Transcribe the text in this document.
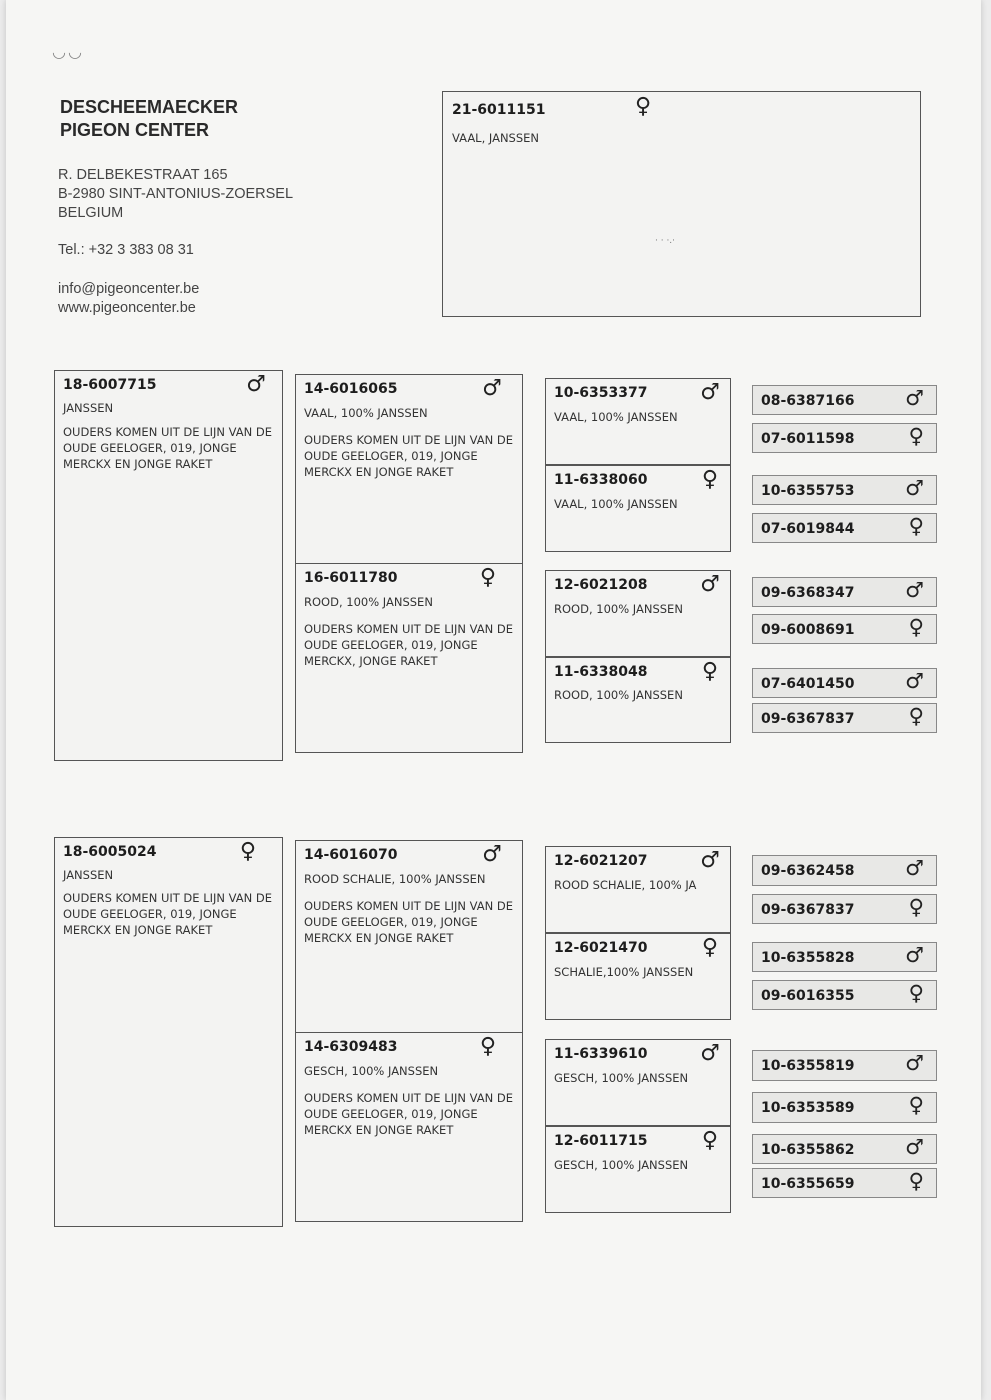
◡◡
DESCHEEMAECKER
PIGEON CENTER
R. DELBEKESTRAAT 165
B-2980 SINT-ANTONIUS-ZOERSEL
BELGIUM
Tel.: +32 3 383 08 31
info@pigeoncenter.be
www.pigeoncenter.be
21-6011151	♀
VAAL, JANSSEN
· · ·.·
18-6007715	♂
JANSSEN
OUDERS KOMEN UIT DE LIJN VAN DE OUDE GEELOGER, 019, JONGE MERCKX EN JONGE RAKET
14-6016065	♂
VAAL, 100% JANSSEN
OUDERS KOMEN UIT DE LIJN VAN DE OUDE GEELOGER, 019, JONGE MERCKX EN JONGE RAKET
16-6011780	♀
ROOD, 100% JANSSEN
OUDERS KOMEN UIT DE LIJN VAN DE OUDE GEELOGER, 019, JONGE MERCKX, JONGE RAKET
10-6353377 ♂
VAAL, 100% JANSSEN
11-6338060 ♀
VAAL, 100% JANSSEN
12-6021208 ♂
ROOD, 100% JANSSEN
11-6338048 ♀
ROOD, 100% JANSSEN
08-6387166 ♂
07-6011598	♀
10-6355753 ♂
07-6019844	♀
09-6368347 ♂
09-6008691	♀
07-6401450 ♂
09-6367837	♀
18-6005024	♀
JANSSEN
OUDERS KOMEN UIT DE LIJN VAN DE OUDE GEELOGER, 019, JONGE MERCKX EN JONGE RAKET
14-6016070	♂
ROOD SCHALIE, 100% JANSSEN
OUDERS KOMEN UIT DE LIJN VAN DE OUDE GEELOGER, 019, JONGE MERCKX EN JONGE RAKET
14-6309483	♀
GESCH, 100% JANSSEN
OUDERS KOMEN UIT DE LIJN VAN DE OUDE GEELOGER, 019, JONGE MERCKX EN JONGE RAKET
12-6021207 ♂
ROOD SCHALIE, 100% JA
12-6021470 ♀
SCHALIE,100% JANSSEN
11-6339610 ♂
GESCH, 100% JANSSEN
12-6011715 ♀
GESCH, 100% JANSSEN
09-6362458 ♂
09-6367837	♀
10-6355828 ♂
09-6016355	♀
10-6355819 ♂
10-6353589	♀
10-6355862 ♂
10-6355659	♀
